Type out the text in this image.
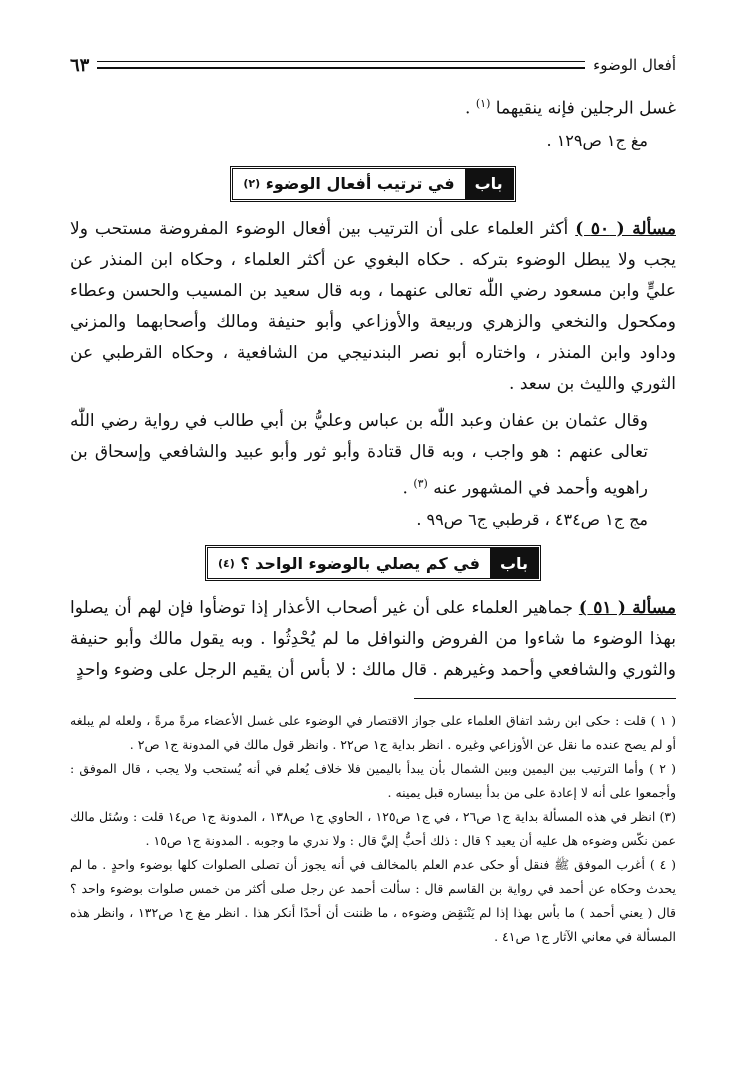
أفعال الوضوء
٦٣

غسل الرجلين فإنه ينقيهما $^{(١)}$ .

مغ ج١ ص١٢٩ .

باب
في ترتيب أفعال الوضوء

(٢)

مسألة ( ٥٠ ) أكثر العلماء على أن الترتيب بين أفعال الوضوء المفروضة مستحب ولا يجب ولا يبطل الوضوء بتركه . حكاه البغوي عن أكثر العلماء ، وحكاه ابن المنذر عن عليٍّ وابن مسعود رضي اللّٰه تعالى عنهما ، وبه قال سعيد بن المسيب والحسن وعطاء ومكحول والنخعي والزهري وربيعة والأوزاعي وأبو حنيفة ومالك وأصحابهما والمزني وداود وابن المنذر ، واختاره أبو نصر البندنيجي من الشافعية ، وحكاه القرطبي عن الثوري والليث بن سعد .

وقال عثمان بن عفان وعبد اللّٰه بن عباس وعليُّ بن أبي طالب في رواية رضي اللّٰه تعالى عنهم : هو واجب ، وبه قال قتادة وأبو ثور وأبو عبيد والشافعي وإسحاق بن راهويه وأحمد في المشهور عنه $^{(٣)}$ .

مج ج١ ص٤٣٤ ، قرطبي ج٦ ص٩٩ .

باب
في كم يصلي بالوضوء الواحد ؟

(٤)

مسألة ( ٥١ ) جماهير العلماء على أن غير أصحاب الأعذار إذا توضأوا فإن لهم أن يصلوا بهذا الوضوء ما شاءوا من الفروض والنوافل ما لم يُحْدِثُوا . وبه يقول مالك وأبو حنيفة والثوري والشافعي وأحمد وغيرهم . قال مالك : لا بأس أن يقيم الرجل على وضوء واحدٍ

( ١ ) قلت : حكى ابن رشد اتفاق العلماء على جواز الاقتصار في الوضوء على غسل الأعضاء مرةً مرةً ، ولعله لم يبلغه أو لم يصح عنده ما نقل عن الأوزاعي وغيره . انظر بداية ج١ ص٢٢ . وانظر قول مالك في المدونة ج١ ص٢ .

( ٢ ) وأما الترتيب بين اليمين وبين الشمال بأن يبدأ باليمين فلا خلاف يُعلم في أنه يُستحب ولا يجب ، قال الموفق : وأجمعوا على أنه لا إعادة على من بدأ بيساره قبل يمينه .

(٣) انظر في هذه المسألة بداية ج١ ص٢٦ ، في ج١ ص١٢٥ ، الحاوي ج١ ص١٣٨ ، المدونة ج١ ص١٤ قلت : وسُئل مالك عمن نكّس وضوءه هل عليه أن يعيد ؟ قال : ذلك أحبُّ إليَّ قال : ولا ندري ما وجوبه . المدونة ج١ ص١٥ .

( ٤ ) أغرب الموفق ﷺ فنقل أو حكى عدم العلم بالمخالف في أنه يجوز أن تصلى الصلوات كلها بوضوء واحدٍ . ما لم يحدث وحكاه عن أحمد في رواية بن القاسم قال : سألت أحمد عن رجل صلى أكثر من خمس صلوات بوضوء واحد ؟ قال ( يعني أحمد ) ما بأس بهذا إذا لم يَنْتقِض وضوءه ، ما ظننت أن أحدًا أنكر هذا . انظر مغ ج١ ص١٣٢ ، وانظر هذه المسألة في معاني الآثار ج١ ص٤١ .
